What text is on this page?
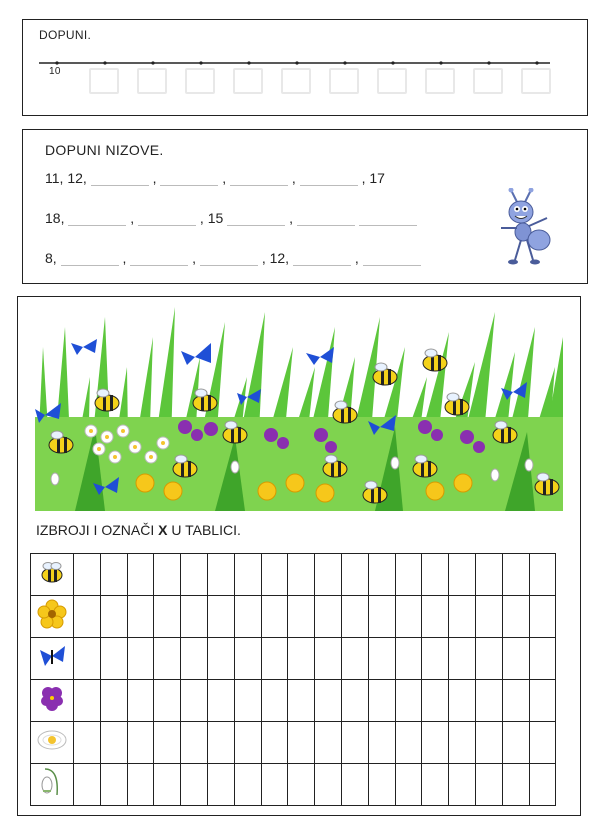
DOPUNI.
10
DOPUNI NIZOVE.
11, 12,	,	,	,	, 17
18,	,	, 15	,
8,	,	,	, 12,	,
IZBROJI I OZNAČI X U TABLICI.
